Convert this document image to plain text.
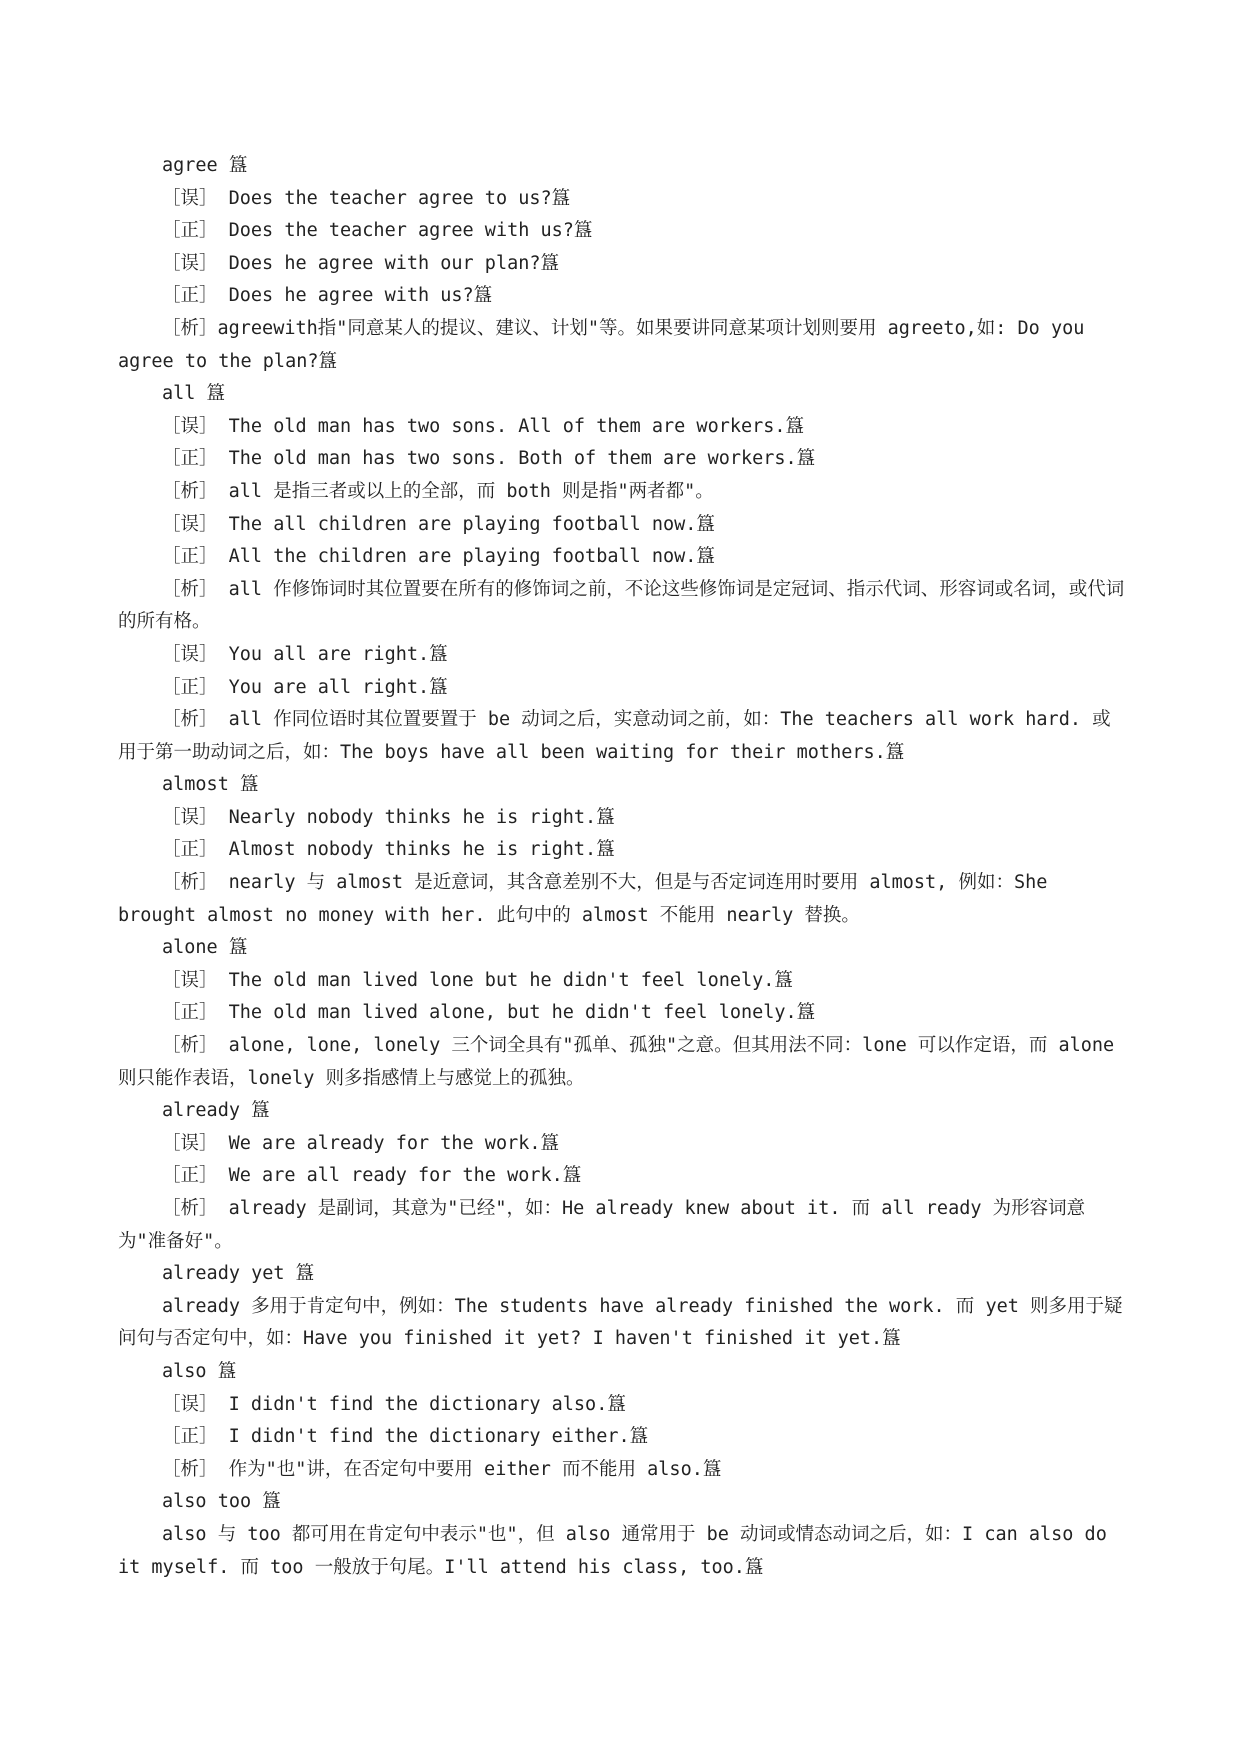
agree 簋

［误］ Does the teacher agree to us?簋

［正］ Does the teacher agree with us?簋

［误］ Does he agree with our plan?簋

［正］ Does he agree with us?簋

［析］agreewith指"同意某人的提议、建议、计划"等。如果要讲同意某项计划则要用 agreeto,如: Do you agree to the plan?簋

all 簋

［误］ The old man has two sons. All of them are workers.簋

［正］ The old man has two sons. Both of them are workers.簋

［析］ all 是指三者或以上的全部，而 both 则是指"两者都"。

［误］ The all children are playing football now.簋

［正］ All the children are playing football now.簋

［析］ all 作修饰词时其位置要在所有的修饰词之前，不论这些修饰词是定冠词、指示代词、形容词或名词，或代词的所有格。

［误］ You all are right.簋

［正］ You are all right.簋

［析］ all 作同位语时其位置要置于 be 动词之后，实意动词之前，如：The teachers all work hard. 或用于第一助动词之后，如：The boys have all been waiting for their mothers.簋

almost 簋

［误］ Nearly nobody thinks he is right.簋

［正］ Almost nobody thinks he is right.簋

［析］ nearly 与 almost 是近意词，其含意差别不大，但是与否定词连用时要用 almost, 例如：She brought almost no money with her. 此句中的 almost 不能用 nearly 替换。

alone 簋

［误］ The old man lived lone but he didn't feel lonely.簋

［正］ The old man lived alone, but he didn't feel lonely.簋

［析］ alone, lone, lonely 三个词全具有"孤单、孤独"之意。但其用法不同：lone 可以作定语，而 alone 则只能作表语，lonely 则多指感情上与感觉上的孤独。

already 簋

［误］ We are already for the work.簋

［正］ We are all ready for the work.簋

［析］ already 是副词，其意为"已经"，如：He already knew about it. 而 all ready 为形容词意为"准备好"。

already yet 簋

already 多用于肯定句中，例如：The students have already finished the work. 而 yet 则多用于疑问句与否定句中，如：Have you finished it yet? I haven't finished it yet.簋

also 簋

［误］ I didn't find the dictionary also.簋

［正］ I didn't find the dictionary either.簋

［析］ 作为"也"讲，在否定句中要用 either 而不能用 also.簋

also too 簋

also 与 too 都可用在肯定句中表示"也"，但 also 通常用于 be 动词或情态动词之后，如：I can also do it myself. 而 too 一般放于句尾。I'll attend his class, too.簋
